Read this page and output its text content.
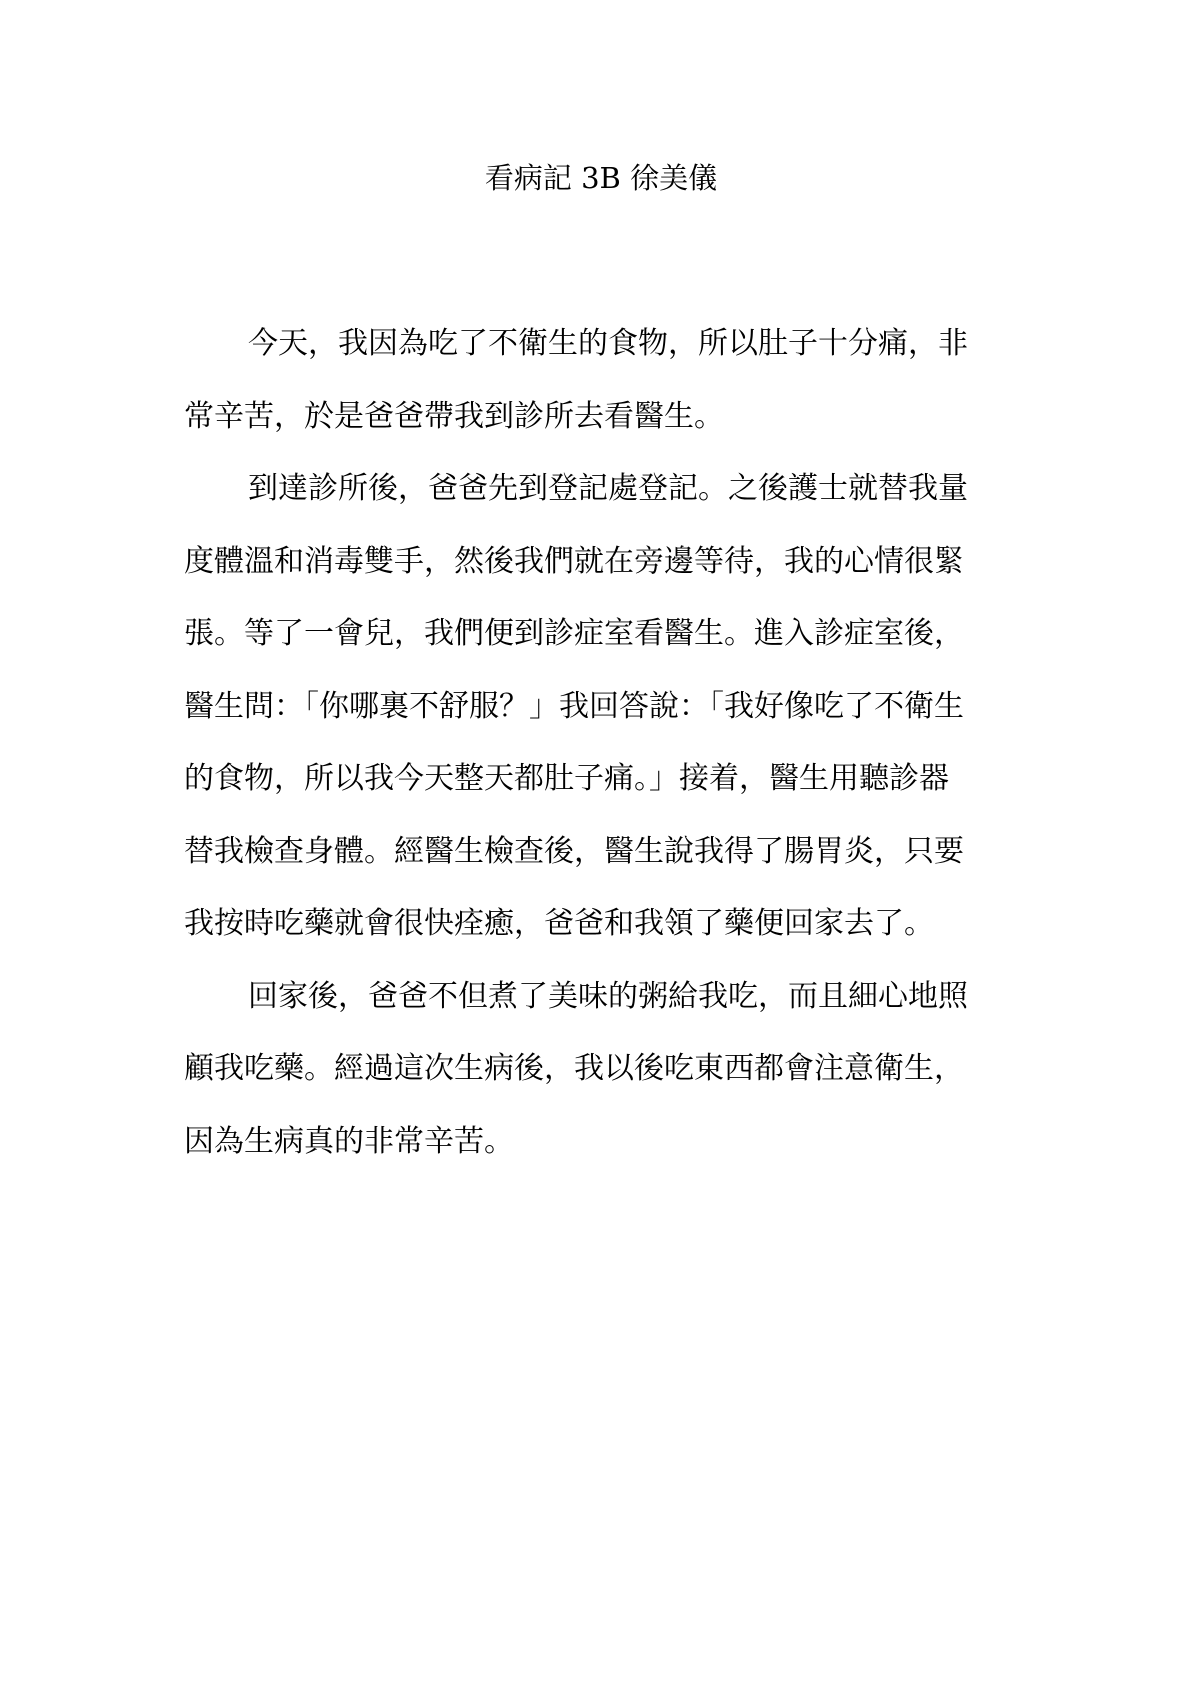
看病記 3B 徐美儀
今天，我因為吃了不衛生的食物，所以肚子十分痛，非
常辛苦，於是爸爸帶我到診所去看醫生。
到達診所後，爸爸先到登記處登記。之後護士就替我量
度體溫和消毒雙手，然後我們就在旁邊等待，我的心情很緊
張。等了一會兒，我們便到診症室看醫生。進入診症室後，
醫生問：「你哪裏不舒服？」我回答說：「我好像吃了不衛生
的食物，所以我今天整天都肚子痛。」接着，醫生用聽診器
替我檢查身體。經醫生檢查後，醫生說我得了腸胃炎，只要
我按時吃藥就會很快痊癒，爸爸和我領了藥便回家去了。
回家後，爸爸不但煮了美味的粥給我吃，而且細心地照
顧我吃藥。經過這次生病後，我以後吃東西都會注意衛生，
因為生病真的非常辛苦。
